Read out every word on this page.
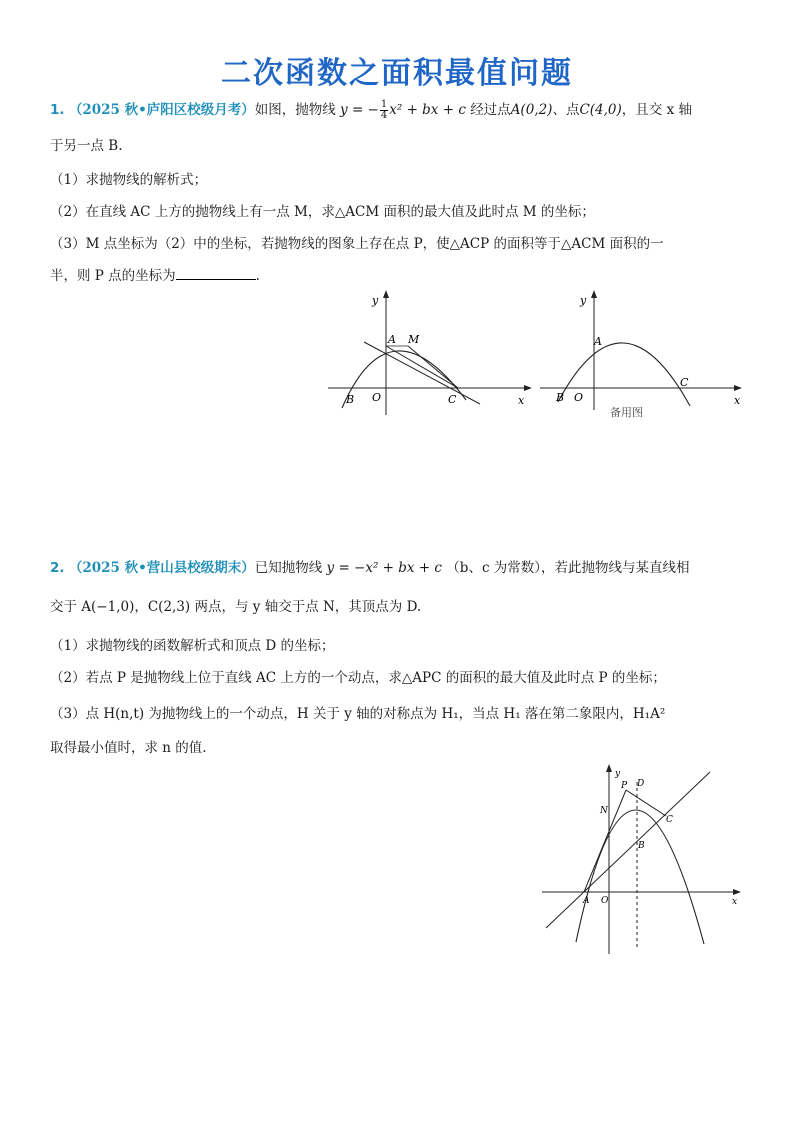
二次函数之面积最值问题
1. （2025 秋•庐阳区校级月考）如图，抛物线 y = − $\frac{1}{4} x^2$ + bx + c 经过点A(0,2)、点C(4,0)，且交 x 轴
于另一点 B.
（1）求抛物线的解析式；
（2）在直线 AC 上方的抛物线上有一点 M，求△ACM 面积的最大值及此时点 M 的坐标；
（3）M 点坐标为（2）中的坐标，若抛物线的图象上存在点 P，使△ACP 的面积等于△ACM 面积的一
半，则 P 点的坐标为	.
y
x
A M
B O	C
y
x
A
B O
C
备用图
2. （2025 秋•营山县校级期末）已知抛物线 y = −x² + bx + c （b、c 为常数），若此抛物线与某直线相
交于 A(−1,0)，C(2,3) 两点，与 y 轴交于点 N，其顶点为 D.
（1）求抛物线的函数解析式和顶点 D 的坐标；
（2）若点 P 是抛物线上位于直线 AC 上方的一个动点，求△APC 的面积的最大值及此时点 P 的坐标；
（3）点 H(n,t) 为抛物线上的一个动点，H 关于 y 轴的对称点为 H₁，当点 H₁ 落在第二象限内，H₁A²
取得最小值时，求 n 的值.
y
x
P D
N
C
B
A O
